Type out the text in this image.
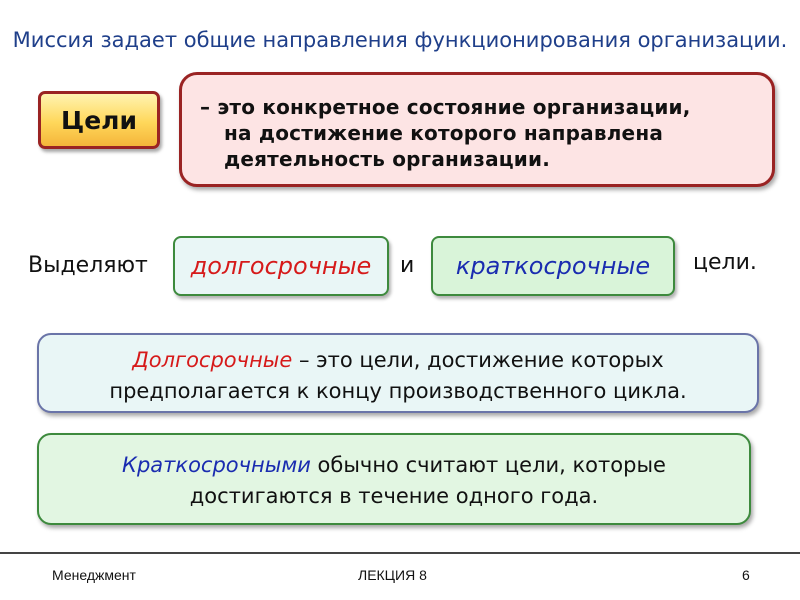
Миссия задает общие направления функционирования организации.
Цели	– это конкретное состояние организации,
на достижение которого направлена
деятельность организации.
Выделяют	долгосрочные	и	краткосрочные	цели.
Долгосрочные – это цели, достижение которых
предполагается к концу производственного цикла.
Краткосрочными обычно считают цели, которые
достигаются в течение одного года.
Менеджмент	ЛЕКЦИЯ 8	6
